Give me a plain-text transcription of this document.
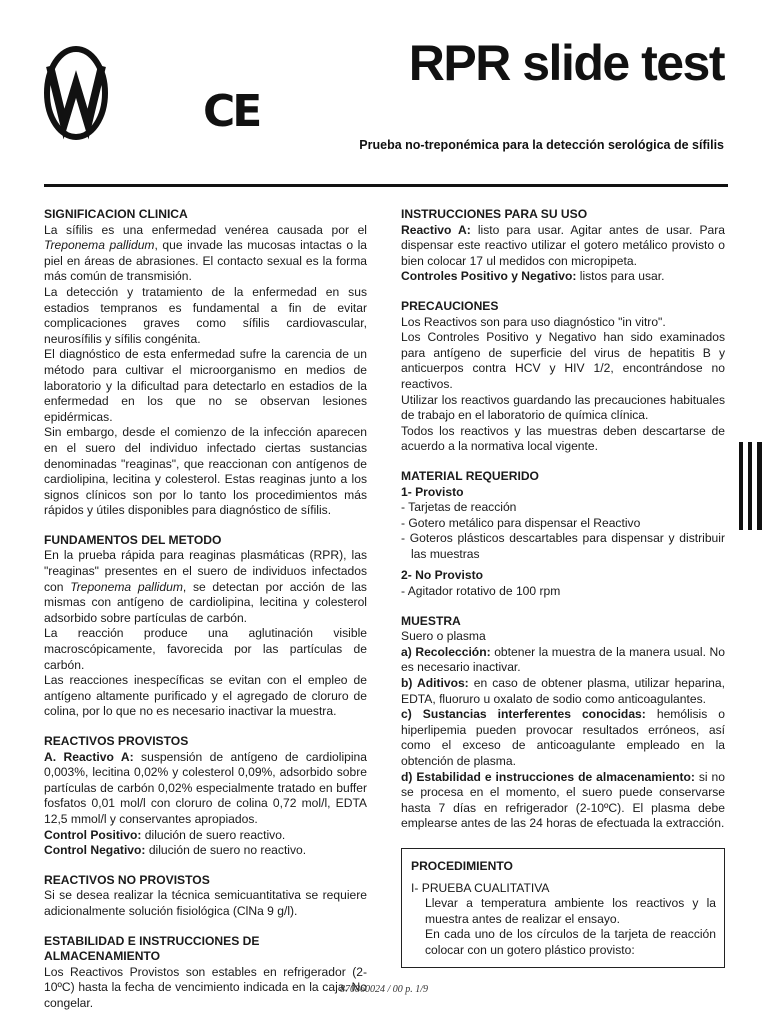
CE
RPR slide test
Prueba no-treponémica para la detección serológica de sífilis
SIGNIFICACION CLINICA

La sífilis es una enfermedad venérea causada por el Treponema pallidum, que invade las mucosas intactas o la piel en áreas de abrasiones. El contacto sexual es la forma más común de transmisión.

La detección y tratamiento de la enfermedad en sus estadios tempranos es fundamental a fin de evitar complicaciones graves como sífilis cardiovascular, neurosífilis y sífilis congénita.

El diagnóstico de esta enfermedad sufre la carencia de un método para cultivar el microorganismo en medios de laboratorio y la dificultad para detectarlo en estadios de la enfermedad en los que no se observan lesiones epidérmicas.

Sin embargo, desde el comienzo de la infección aparecen en el suero del individuo infectado ciertas sustancias denominadas "reaginas", que reaccionan con antígenos de cardiolipina, lecitina y colesterol. Estas reaginas junto a los signos clínicos son por lo tanto los procedimientos más rápidos y útiles disponibles para diagnóstico de sífilis.

FUNDAMENTOS DEL METODO

En la prueba rápida para reaginas plasmáticas (RPR), las "reaginas" presentes en el suero de individuos infectados con Treponema pallidum, se detectan por acción de las mismas con antígeno de cardiolipina, lecitina y colesterol adsorbido sobre partículas de carbón.

La reacción produce una aglutinación visible macroscópicamente, favorecida por las partículas de carbón.

Las reacciones inespecíficas se evitan con el empleo de antígeno altamente purificado y el agregado de cloruro de colina, por lo que no es necesario inactivar la muestra.

REACTIVOS PROVISTOS

A. Reactivo A: suspensión de antígeno de cardiolipina 0,003%, lecitina 0,02% y colesterol 0,09%, adsorbido sobre partículas de carbón 0,02% especialmente tratado en buffer fosfatos 0,01 mol/l con cloruro de colina 0,72 mol/l, EDTA 12,5 mmol/l y conservantes apropiados.

Control Positivo: dilución de suero reactivo.

Control Negativo: dilución de suero no reactivo.

REACTIVOS NO PROVISTOS

Si se desea realizar la técnica semicuantitativa se requiere adicionalmente solución fisiológica (ClNa 9 g/l).

ESTABILIDAD E INSTRUCCIONES DE ALMACENAMIENTO

Los Reactivos Provistos son estables en refrigerador (2-10ºC) hasta la fecha de vencimiento indicada en la caja. No congelar.

INSTRUCCIONES PARA SU USO

Reactivo A: listo para usar. Agitar antes de usar. Para dispensar este reactivo utilizar el gotero metálico provisto o bien colocar 17 ul medidos con micropipeta.

Controles Positivo y Negativo: listos para usar.

PRECAUCIONES

Los Reactivos son para uso diagnóstico "in vitro".

Los Controles Positivo y Negativo han sido examinados para antígeno de superficie del virus de hepatitis B y anticuerpos contra HCV y HIV 1/2, encontrándose no reactivos.

Utilizar los reactivos guardando las precauciones habituales de trabajo en el laboratorio de química clínica.

Todos los reactivos y las muestras deben descartarse de acuerdo a la normativa local vigente.

MATERIAL REQUERIDO
1- Provisto

- Tarjetas de reacción

- Gotero metálico para dispensar el Reactivo

- Goteros plásticos descartables para dispensar y distribuir las muestras

2- No Provisto

- Agitador rotativo de 100 rpm

MUESTRA

Suero o plasma

a) Recolección: obtener la muestra de la manera usual. No es necesario inactivar.

b) Aditivos: en caso de obtener plasma, utilizar heparina, EDTA, fluoruro u oxalato de sodio como anticoagulantes.

c) Sustancias interferentes conocidas: hemólisis o hiperlipemia pueden provocar resultados erróneos, así como el exceso de anticoagulante empleado en la obtención de plasma.

d) Estabilidad e instrucciones de almacenamiento: si no se procesa en el momento, el suero puede conservarse hasta 7 días en refrigerador (2-10ºC). El plasma debe emplearse antes de las 24 horas de efectuada la extracción.

PROCEDIMIENTO

I- PRUEBA CUALITATIVA

Llevar a temperatura ambiente los reactivos y la muestra antes de realizar el ensayo.

En cada uno de los círculos de la tarjeta de reacción colocar con un gotero plástico provisto:

870860024 / 00 p. 1/9
